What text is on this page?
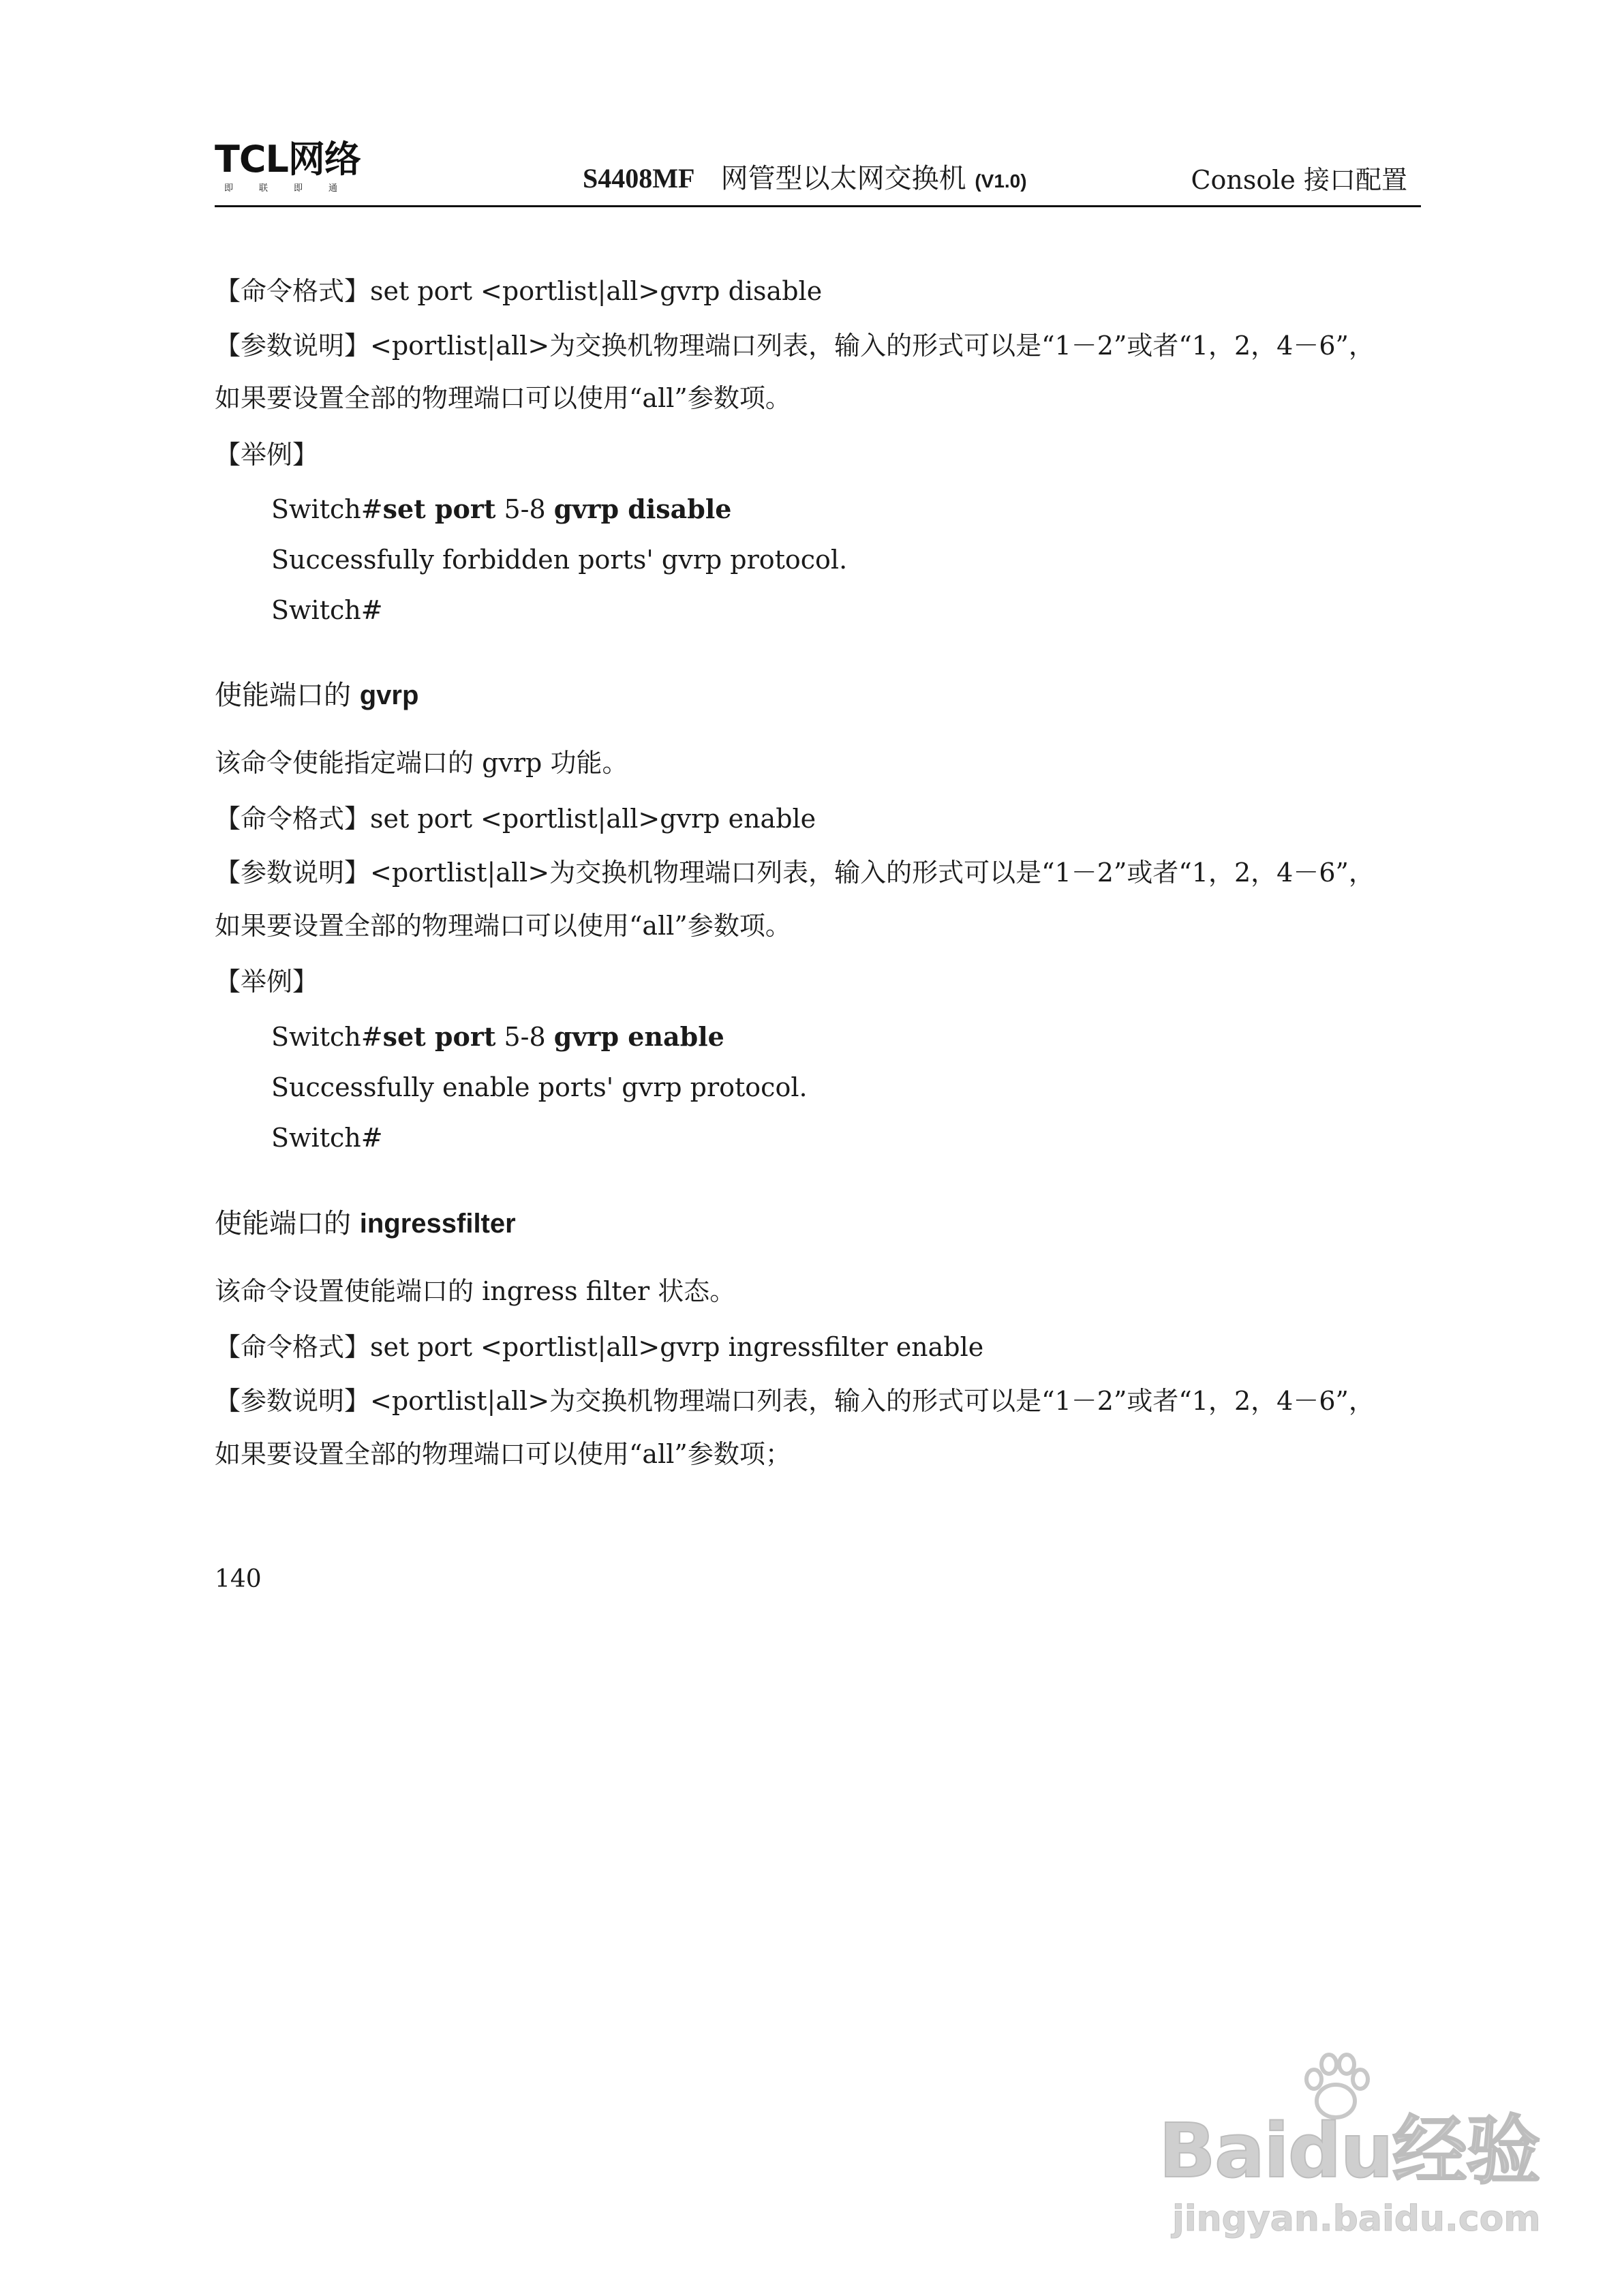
TCL网络
即联即通	S4408MF 网管型以太网交换机 (V1.0)	Console 接口配置
【命令格式】set port <portlist|all>gvrp disable
【参数说明】<portlist|all>为交换机物理端口列表，输入的形式可以是“1－2”或者“1，2，4－6”，
如果要设置全部的物理端口可以使用“all”参数项。
【举例】
Switch#set port 5-8 gvrp disable
Successfully forbidden ports' gvrp protocol.
Switch#
使能端口的 gvrp
该命令使能指定端口的 gvrp 功能。
【命令格式】set port <portlist|all>gvrp enable
【参数说明】<portlist|all>为交换机物理端口列表，输入的形式可以是“1－2”或者“1，2，4－6”，
如果要设置全部的物理端口可以使用“all”参数项。
【举例】
Switch#set port 5-8 gvrp enable
Successfully enable ports' gvrp protocol.
Switch#
使能端口的 ingressfilter
该命令设置使能端口的 ingress filter 状态。
【命令格式】set port <portlist|all>gvrp ingressfilter enable
【参数说明】<portlist|all>为交换机物理端口列表，输入的形式可以是“1－2”或者“1，2，4－6”，
如果要设置全部的物理端口可以使用“all”参数项；
140
Baidu经验
jingyan.baidu.com
